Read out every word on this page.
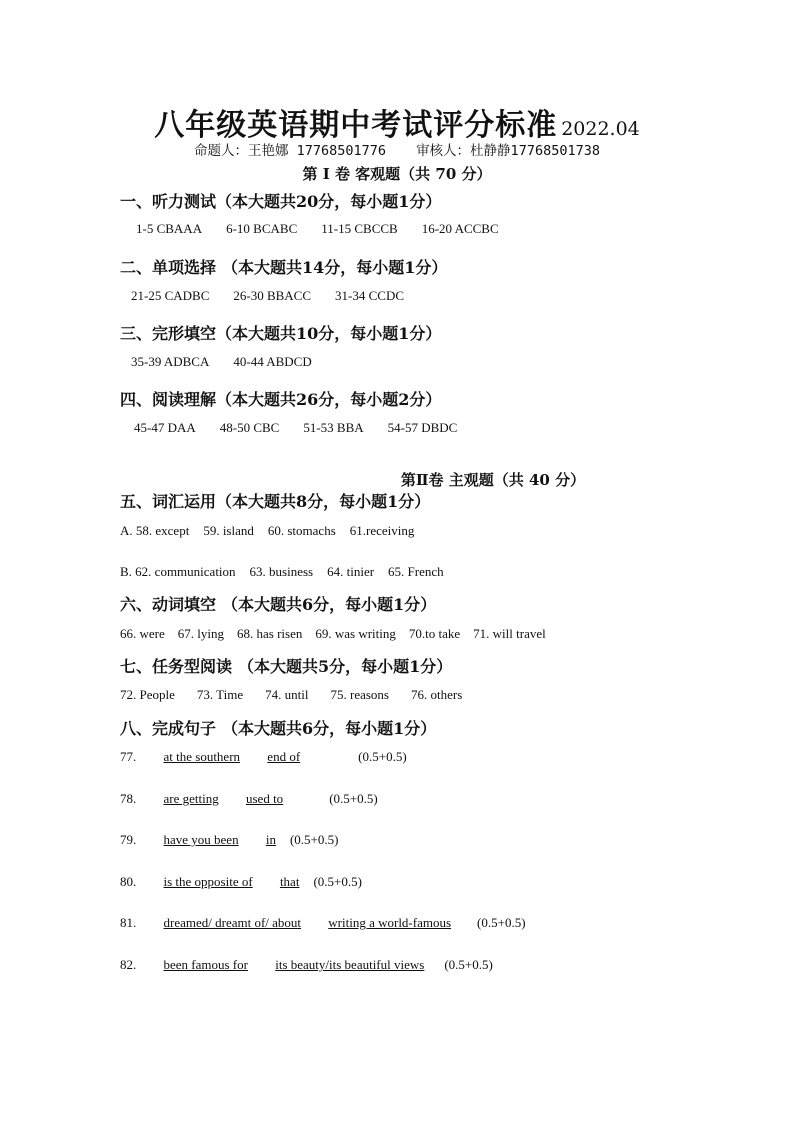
八年级英语期中考试评分标准 2022.04
命题人：王艳娜 17768501776 审核人：杜静静17768501738
第 I 卷 客观题（共 70 分）
一、听力测试（本大题共20分，每小题1分）
1-5 CBAAA 6-10 BCABC 11-15 CBCCB 16-20 ACCBC
二、单项选择 （本大题共14分，每小题1分）
21-25 CADBC 26-30 BBACC 31-34 CCDC
三、完形填空（本大题共10分，每小题1分）
35-39 ADBCA 40-44 ABDCD
四、阅读理解（本大题共26分，每小题2分）
45-47 DAA 48-50 CBC 51-53 BBA 54-57 DBDC
第Ⅱ卷 主观题（共 40 分）
五、词汇运用（本大题共8分，每小题1分）
A. 58. except 59. island 60. stomachs 61.receiving
B. 62. communication 63. business 64. tinier 65. French
六、动词填空 （本大题共6分，每小题1分）
66. were 67. lying 68. has risen 69. was writing 70.to take 71. will travel
七、任务型阅读 （本大题共5分，每小题1分）
72. People 73. Time 74. until 75. reasons 76. others
八、完成句子 （本大题共6分，每小题1分）
77. at the southern end of	(0.5+0.5)
78. are getting used to	(0.5+0.5)
79. have you been in (0.5+0.5)
80. is the opposite of that (0.5+0.5)
81. dreamed/ dreamt of/ about writing a world-famous (0.5+0.5)
82. been famous for its beauty/its beautiful views (0.5+0.5)
